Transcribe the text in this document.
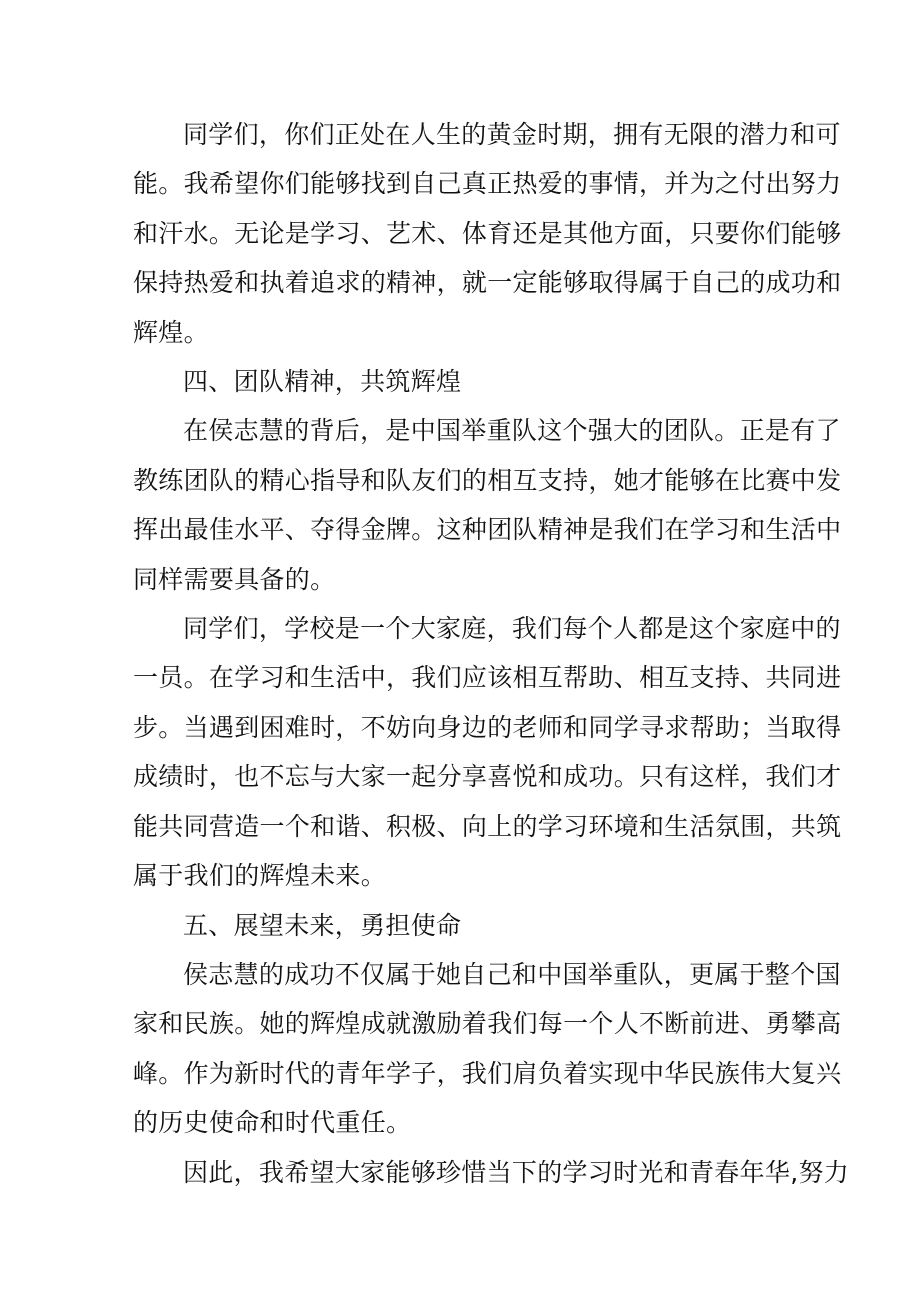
同学们，你们正处在人生的黄金时期，拥有无限的潜力和可
能。我希望你们能够找到自己真正热爱的事情，并为之付出努力
和汗水。无论是学习、艺术、体育还是其他方面，只要你们能够
保持热爱和执着追求的精神，就一定能够取得属于自己的成功和
辉煌。

四、团队精神，共筑辉煌

在侯志慧的背后，是中国举重队这个强大的团队。正是有了
教练团队的精心指导和队友们的相互支持，她才能够在比赛中发
挥出最佳水平、夺得金牌。这种团队精神是我们在学习和生活中
同样需要具备的。

同学们，学校是一个大家庭，我们每个人都是这个家庭中的
一员。在学习和生活中，我们应该相互帮助、相互支持、共同进
步。当遇到困难时，不妨向身边的老师和同学寻求帮助；当取得
成绩时，也不忘与大家一起分享喜悦和成功。只有这样，我们才
能共同营造一个和谐、积极、向上的学习环境和生活氛围，共筑
属于我们的辉煌未来。

五、展望未来，勇担使命

侯志慧的成功不仅属于她自己和中国举重队，更属于整个国
家和民族。她的辉煌成就激励着我们每一个人不断前进、勇攀高
峰。作为新时代的青年学子，我们肩负着实现中华民族伟大复兴
的历史使命和时代重任。

因此，我希望大家能够珍惜当下的学习时光和青春年华,努力
